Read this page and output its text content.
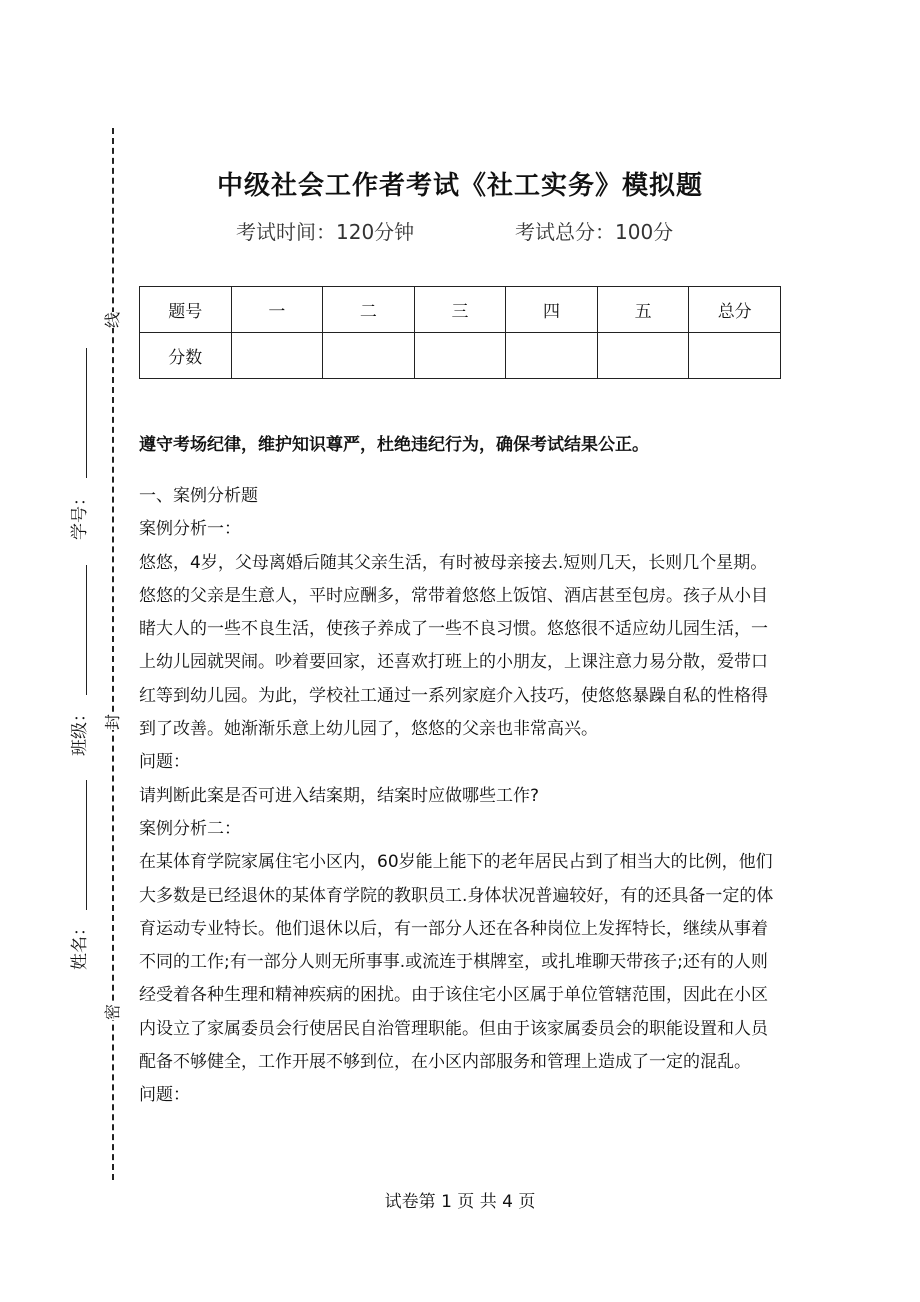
线
封
密
学号：
班级：
姓名：
中级社会工作者考试《社工实务》模拟题
考试时间：120分钟	考试总分：100分
题号	一	二	三	四	五	总分
分数						
遵守考场纪律，维护知识尊严，杜绝违纪行为，确保考试结果公正。

一、案例分析题

案例分析一：

悠悠，4岁，父母离婚后随其父亲生活，有时被母亲接去.短则几天，长则几个星期。悠悠的父亲是生意人，平时应酬多，常带着悠悠上饭馆、酒店甚至包房。孩子从小目睹大人的一些不良生活，使孩子养成了一些不良习惯。悠悠很不适应幼儿园生活，一上幼儿园就哭闹。吵着要回家，还喜欢打班上的小朋友，上课注意力易分散，爱带口红等到幼儿园。为此，学校社工通过一系列家庭介入技巧，使悠悠暴躁自私的性格得到了改善。她渐渐乐意上幼儿园了，悠悠的父亲也非常高兴。

问题：

请判断此案是否可进入结案期，结案时应做哪些工作?

案例分析二：

在某体育学院家属住宅小区内，60岁能上能下的老年居民占到了相当大的比例，他们大多数是已经退休的某体育学院的教职员工.身体状况普遍较好，有的还具备一定的体育运动专业特长。他们退休以后，有一部分人还在各种岗位上发挥特长，继续从事着不同的工作;有一部分人则无所事事.或流连于棋牌室，或扎堆聊天带孩子;还有的人则经受着各种生理和精神疾病的困扰。由于该住宅小区属于单位管辖范围，因此在小区内设立了家属委员会行使居民自治管理职能。但由于该家属委员会的职能设置和人员配备不够健全，工作开展不够到位，在小区内部服务和管理上造成了一定的混乱。

问题：

试卷第 1 页 共 4 页
